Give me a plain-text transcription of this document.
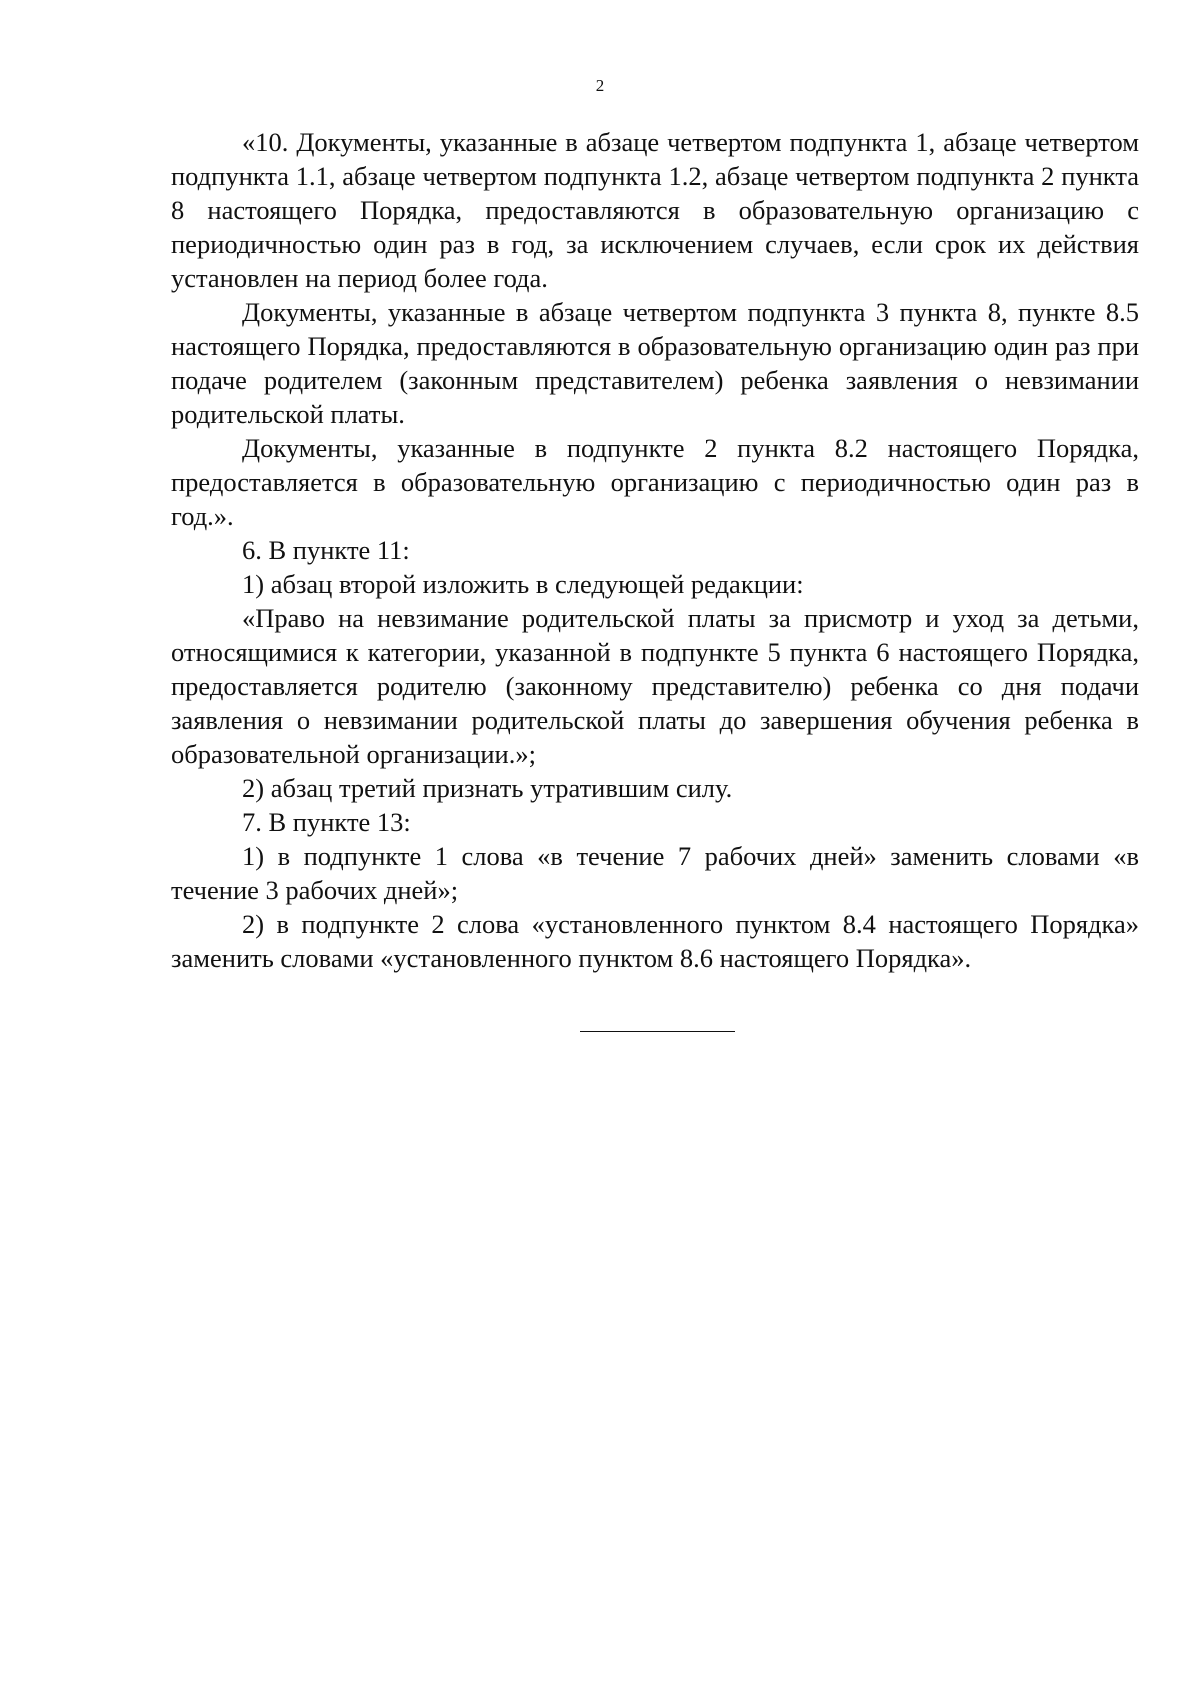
2

«10. Документы, указанные в абзаце четвертом подпункта 1, абзаце четвертом подпункта 1.1, абзаце четвертом подпункта 1.2, абзаце четвертом подпункта 2 пункта 8 настоящего Порядка, предоставляются в образовательную организацию с периодичностью один раз в год, за исключением случаев, если срок их действия установлен на период более года.

Документы, указанные в абзаце четвертом подпункта 3 пункта 8, пункте 8.5 настоящего Порядка, предоставляются в образовательную организацию один раз при подаче родителем (законным представителем) ребенка заявления о невзимании родительской платы.

Документы, указанные в подпункте 2 пункта 8.2 настоящего Порядка, предоставляется в образовательную организацию с периодичностью один раз в год.».

6. В пункте 11:

1) абзац второй изложить в следующей редакции:

«Право на невзимание родительской платы за присмотр и уход за детьми, относящимися к категории, указанной в подпункте 5 пункта 6 настоящего Порядка, предоставляется родителю (законному представителю) ребенка со дня подачи заявления о невзимании родительской платы до завершения обучения ребенка в образовательной организации.»;

2) абзац третий признать утратившим силу.

7. В пункте 13:

1) в подпункте 1 слова «в течение 7 рабочих дней» заменить словами «в течение 3 рабочих дней»;

2) в подпункте 2 слова «установленного пунктом 8.4 настоящего Порядка» заменить словами «установленного пунктом 8.6 настоящего Порядка».
